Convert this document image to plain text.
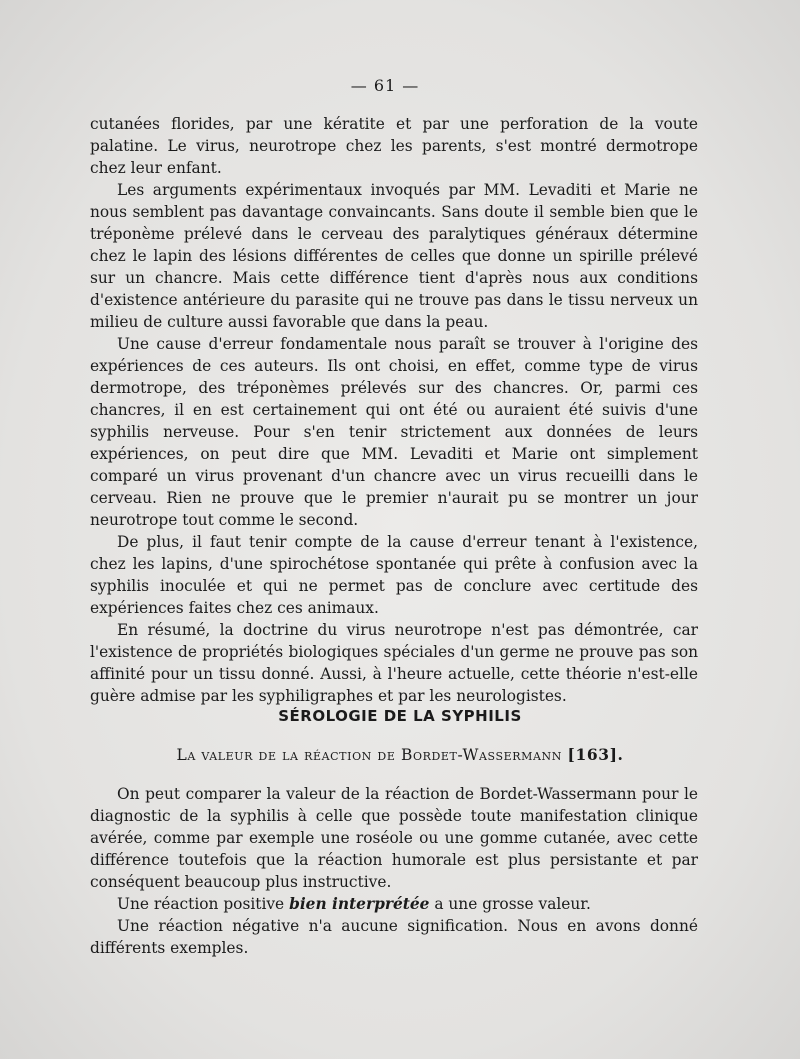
— 61 —

cutanées florides, par une kératite et par une perforation de la voute palatine. Le virus, neurotrope chez les parents, s'est montré dermotrope chez leur enfant.

Les arguments expérimentaux invoqués par MM. Levaditi et Marie ne nous semblent pas davantage convaincants. Sans doute il semble bien que le tréponème prélevé dans le cerveau des paralytiques généraux détermine chez le lapin des lésions différentes de celles que donne un spirille prélevé sur un chancre. Mais cette différence tient d'après nous aux conditions d'existence antérieure du parasite qui ne trouve pas dans le tissu nerveux un milieu de culture aussi favorable que dans la peau.

Une cause d'erreur fondamentale nous paraît se trouver à l'origine des expériences de ces auteurs. Ils ont choisi, en effet, comme type de virus dermotrope, des tréponèmes prélevés sur des chancres. Or, parmi ces chancres, il en est certainement qui ont été ou auraient été suivis d'une syphilis nerveuse. Pour s'en tenir strictement aux données de leurs expériences, on peut dire que MM. Levaditi et Marie ont simplement comparé un virus provenant d'un chancre avec un virus recueilli dans le cerveau. Rien ne prouve que le premier n'aurait pu se montrer un jour neurotrope tout comme le second.

De plus, il faut tenir compte de la cause d'erreur tenant à l'existence, chez les lapins, d'une spirochétose spontanée qui prête à confusion avec la syphilis inoculée et qui ne permet pas de conclure avec certitude des expériences faites chez ces animaux.

En résumé, la doctrine du virus neurotrope n'est pas démontrée, car l'existence de propriétés biologiques spéciales d'un germe ne prouve pas son affinité pour un tissu donné. Aussi, à l'heure actuelle, cette théorie n'est-elle guère admise par les syphiligraphes et par les neurologistes.

SÉROLOGIE DE LA SYPHILIS
La valeur de la réaction de Bordet-Wassermann [163].

On peut comparer la valeur de la réaction de Bordet-Wassermann pour le diagnostic de la syphilis à celle que possède toute manifestation clinique avérée, comme par exemple une roséole ou une gomme cutanée, avec cette différence toutefois que la réaction humorale est plus persistante et par conséquent beaucoup plus instructive.

Une réaction positive bien interprétée a une grosse valeur.

Une réaction négative n'a aucune signification. Nous en avons donné différents exemples.
